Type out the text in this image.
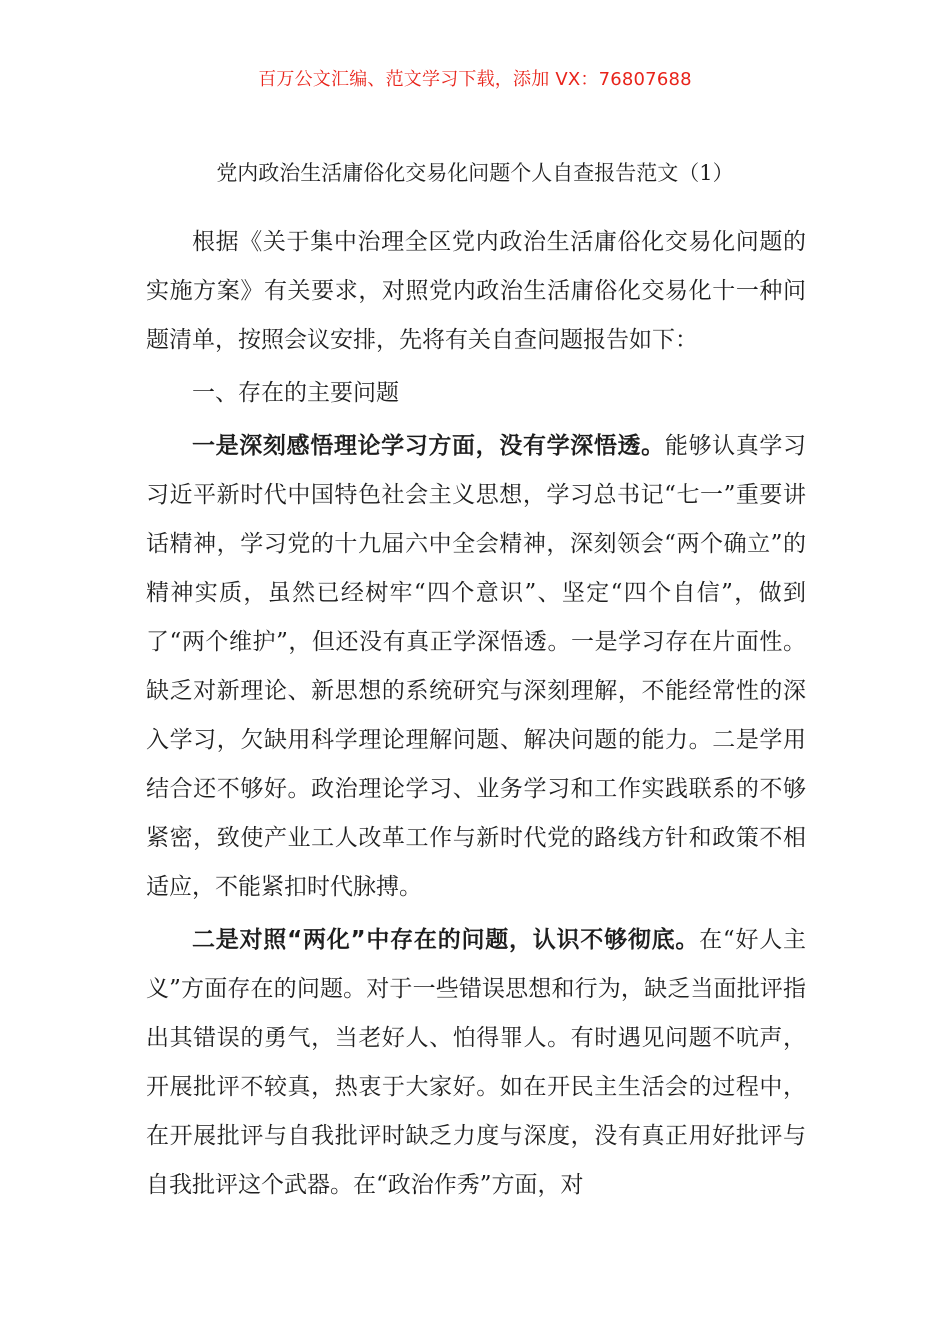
百万公文汇编、范文学习下载，添加 VX：76807688
党内政治生活庸俗化交易化问题个人自查报告范文（1）

根据《关于集中治理全区党内政治生活庸俗化交易化问题的实施方案》有关要求，对照党内政治生活庸俗化交易化十一种问题清单，按照会议安排，先将有关自查问题报告如下：

一、存在的主要问题

一是深刻感悟理论学习方面，没有学深悟透。能够认真学习习近平新时代中国特色社会主义思想，学习总书记“七一”重要讲话精神，学习党的十九届六中全会精神，深刻领会“两个确立”的精神实质，虽然已经树牢“四个意识”、坚定“四个自信”，做到了“两个维护”，但还没有真正学深悟透。一是学习存在片面性。缺乏对新理论、新思想的系统研究与深刻理解，不能经常性的深入学习，欠缺用科学理论理解问题、解决问题的能力。二是学用结合还不够好。政治理论学习、业务学习和工作实践联系的不够紧密，致使产业工人改革工作与新时代党的路线方针和政策不相适应，不能紧扣时代脉搏。

二是对照“两化”中存在的问题，认识不够彻底。在“好人主义”方面存在的问题。对于一些错误思想和行为，缺乏当面批评指出其错误的勇气，当老好人、怕得罪人。有时遇见问题不吭声，开展批评不较真，热衷于大家好。如在开民主生活会的过程中，在开展批评与自我批评时缺乏力度与深度，没有真正用好批评与自我批评这个武器。在“政治作秀”方面，对
